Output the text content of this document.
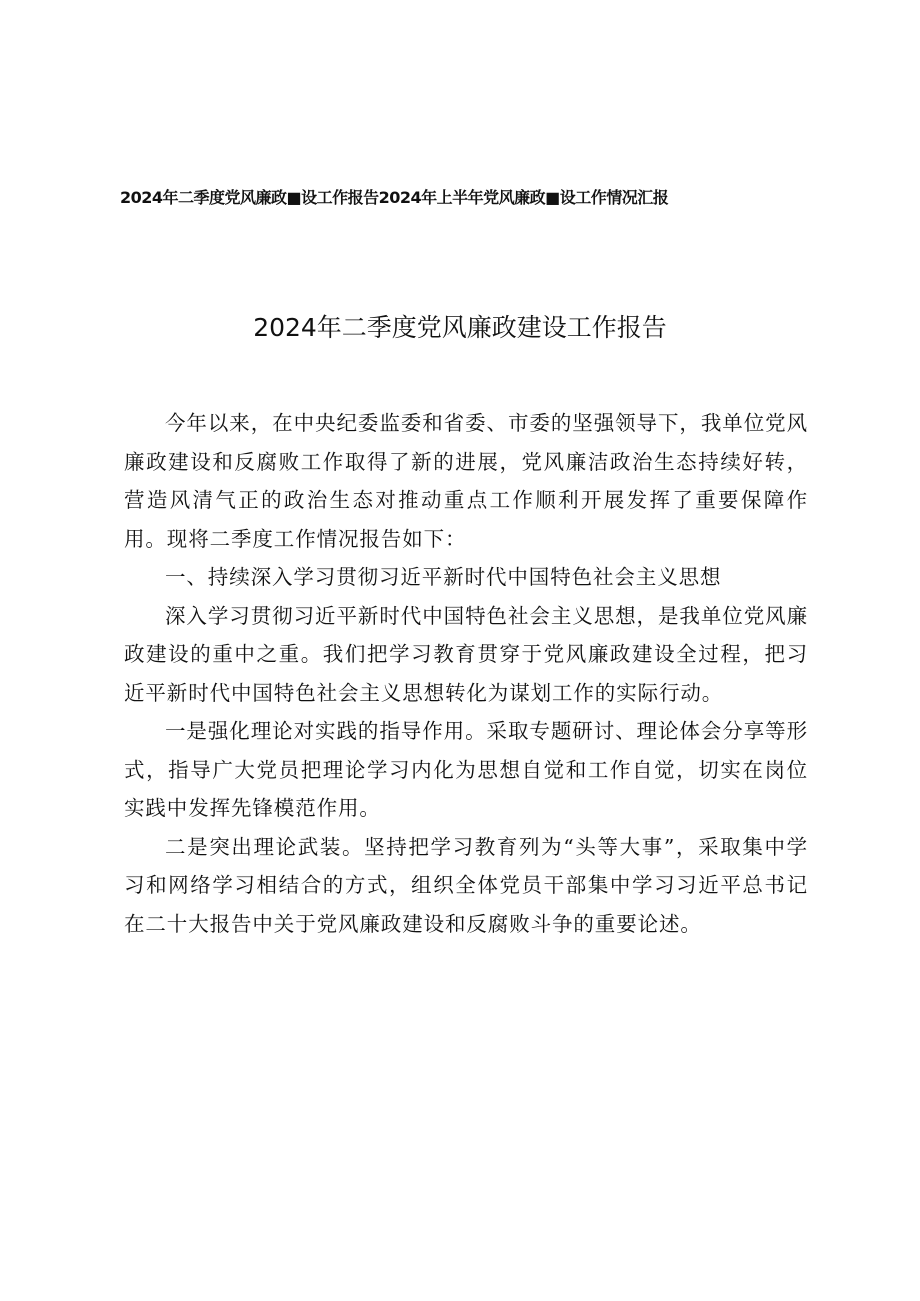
2024年二季度党风廉政■设工作报告2024年上半年党风廉政■设工作情况汇报
2024年二季度党风廉政建设工作报告

今年以来，在中央纪委监委和省委、市委的坚强领导下，我单位党风廉政建设和反腐败工作取得了新的进展，党风廉洁政治生态持续好转，营造风清气正的政治生态对推动重点工作顺利开展发挥了重要保障作用。现将二季度工作情况报告如下：

一、持续深入学习贯彻习近平新时代中国特色社会主义思想

深入学习贯彻习近平新时代中国特色社会主义思想，是我单位党风廉政建设的重中之重。我们把学习教育贯穿于党风廉政建设全过程，把习近平新时代中国特色社会主义思想转化为谋划工作的实际行动。

一是强化理论对实践的指导作用。采取专题研讨、理论体会分享等形式，指导广大党员把理论学习内化为思想自觉和工作自觉，切实在岗位实践中发挥先锋模范作用。

二是突出理论武装。坚持把学习教育列为“头等大事”，采取集中学习和网络学习相结合的方式，组织全体党员干部集中学习习近平总书记在二十大报告中关于党风廉政建设和反腐败斗争的重要论述。
